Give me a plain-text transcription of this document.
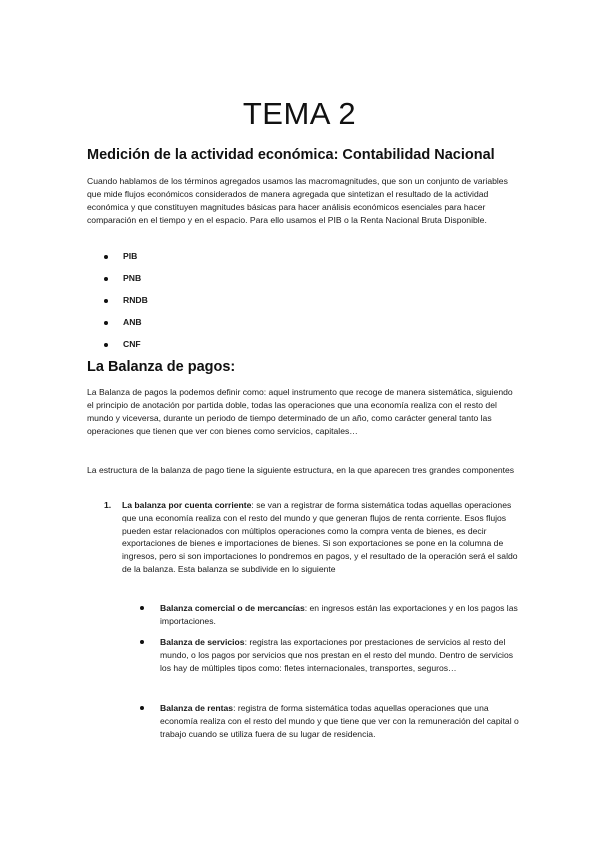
TEMA 2
Medición de la actividad económica: Contabilidad Nacional
Cuando hablamos de los términos agregados usamos las macromagnitudes, que son un conjunto de variables que mide flujos económicos considerados de manera agregada que sintetizan el resultado de la actividad económica y que constituyen magnitudes básicas para hacer análisis económicos esenciales para hacer comparación en el tiempo y en el espacio. Para ello usamos el PIB o la Renta Nacional Bruta Disponible.
PIB
PNB
RNDB
ANB
CNF
La Balanza de pagos:
La Balanza de pagos la podemos definir como: aquel instrumento que recoge de manera sistemática, siguiendo el principio de anotación por partida doble, todas las operaciones que una economía realiza con el resto del mundo y viceversa, durante un periodo de tiempo determinado de un año, como carácter general tanto las operaciones que tienen que ver con bienes como servicios, capitales…
La estructura de la balanza de pago tiene la siguiente estructura, en la que aparecen tres grandes componentes
1. La balanza por cuenta corriente: se van a registrar de forma sistemática todas aquellas operaciones que una economía realiza con el resto del mundo y que generan flujos de renta corriente. Esos flujos pueden estar relacionados con múltiplos operaciones como la compra venta de bienes, es decir exportaciones de bienes e importaciones de bienes. Si son exportaciones se pone en la columna de ingresos, pero si son importaciones lo pondremos en pagos, y el resultado de la operación será el saldo de la balanza. Esta balanza se subdivide en lo siguiente
Balanza comercial o de mercancías: en ingresos están las exportaciones y en los pagos las importaciones.
Balanza de servicios: registra las exportaciones por prestaciones de servicios al resto del mundo, o los pagos por servicios que nos prestan en el resto del mundo. Dentro de servicios los hay de múltiples tipos como: fletes internacionales, transportes, seguros…
Balanza de rentas: registra de forma sistemática todas aquellas operaciones que una economía realiza con el resto del mundo y que tiene que ver con la remuneración del capital o trabajo cuando se utiliza fuera de su lugar de residencia.
